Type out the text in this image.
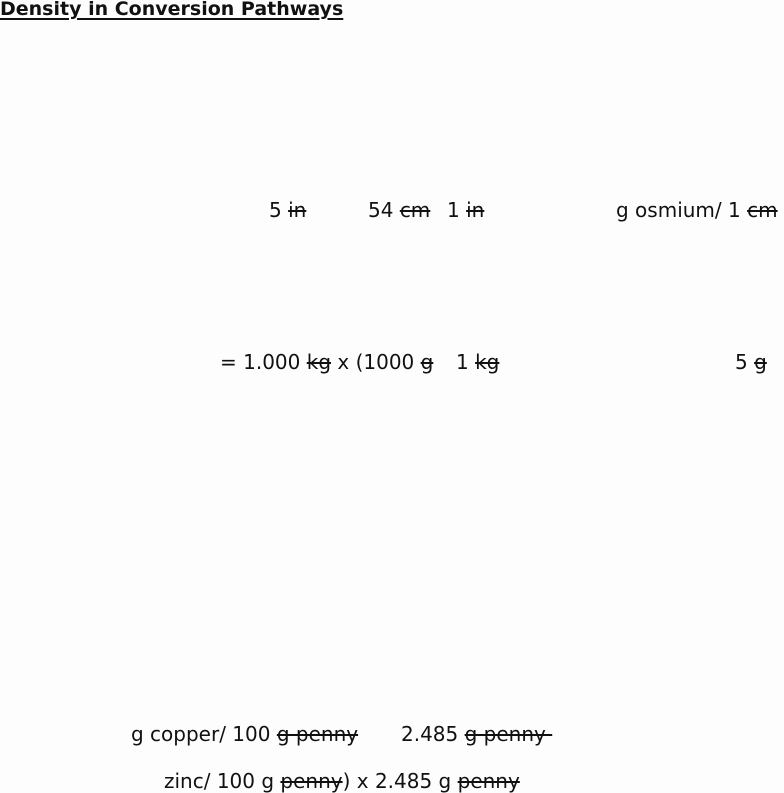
Density in Conversion Pathways
5 in	54 cm 1 in	g osmium/ 1 cm
= 1.000 kg x (1000 g 1 kg	5 g
g copper/ 100 g penny 2.485 g penny
zinc/ 100 g penny) x 2.485 g penny
